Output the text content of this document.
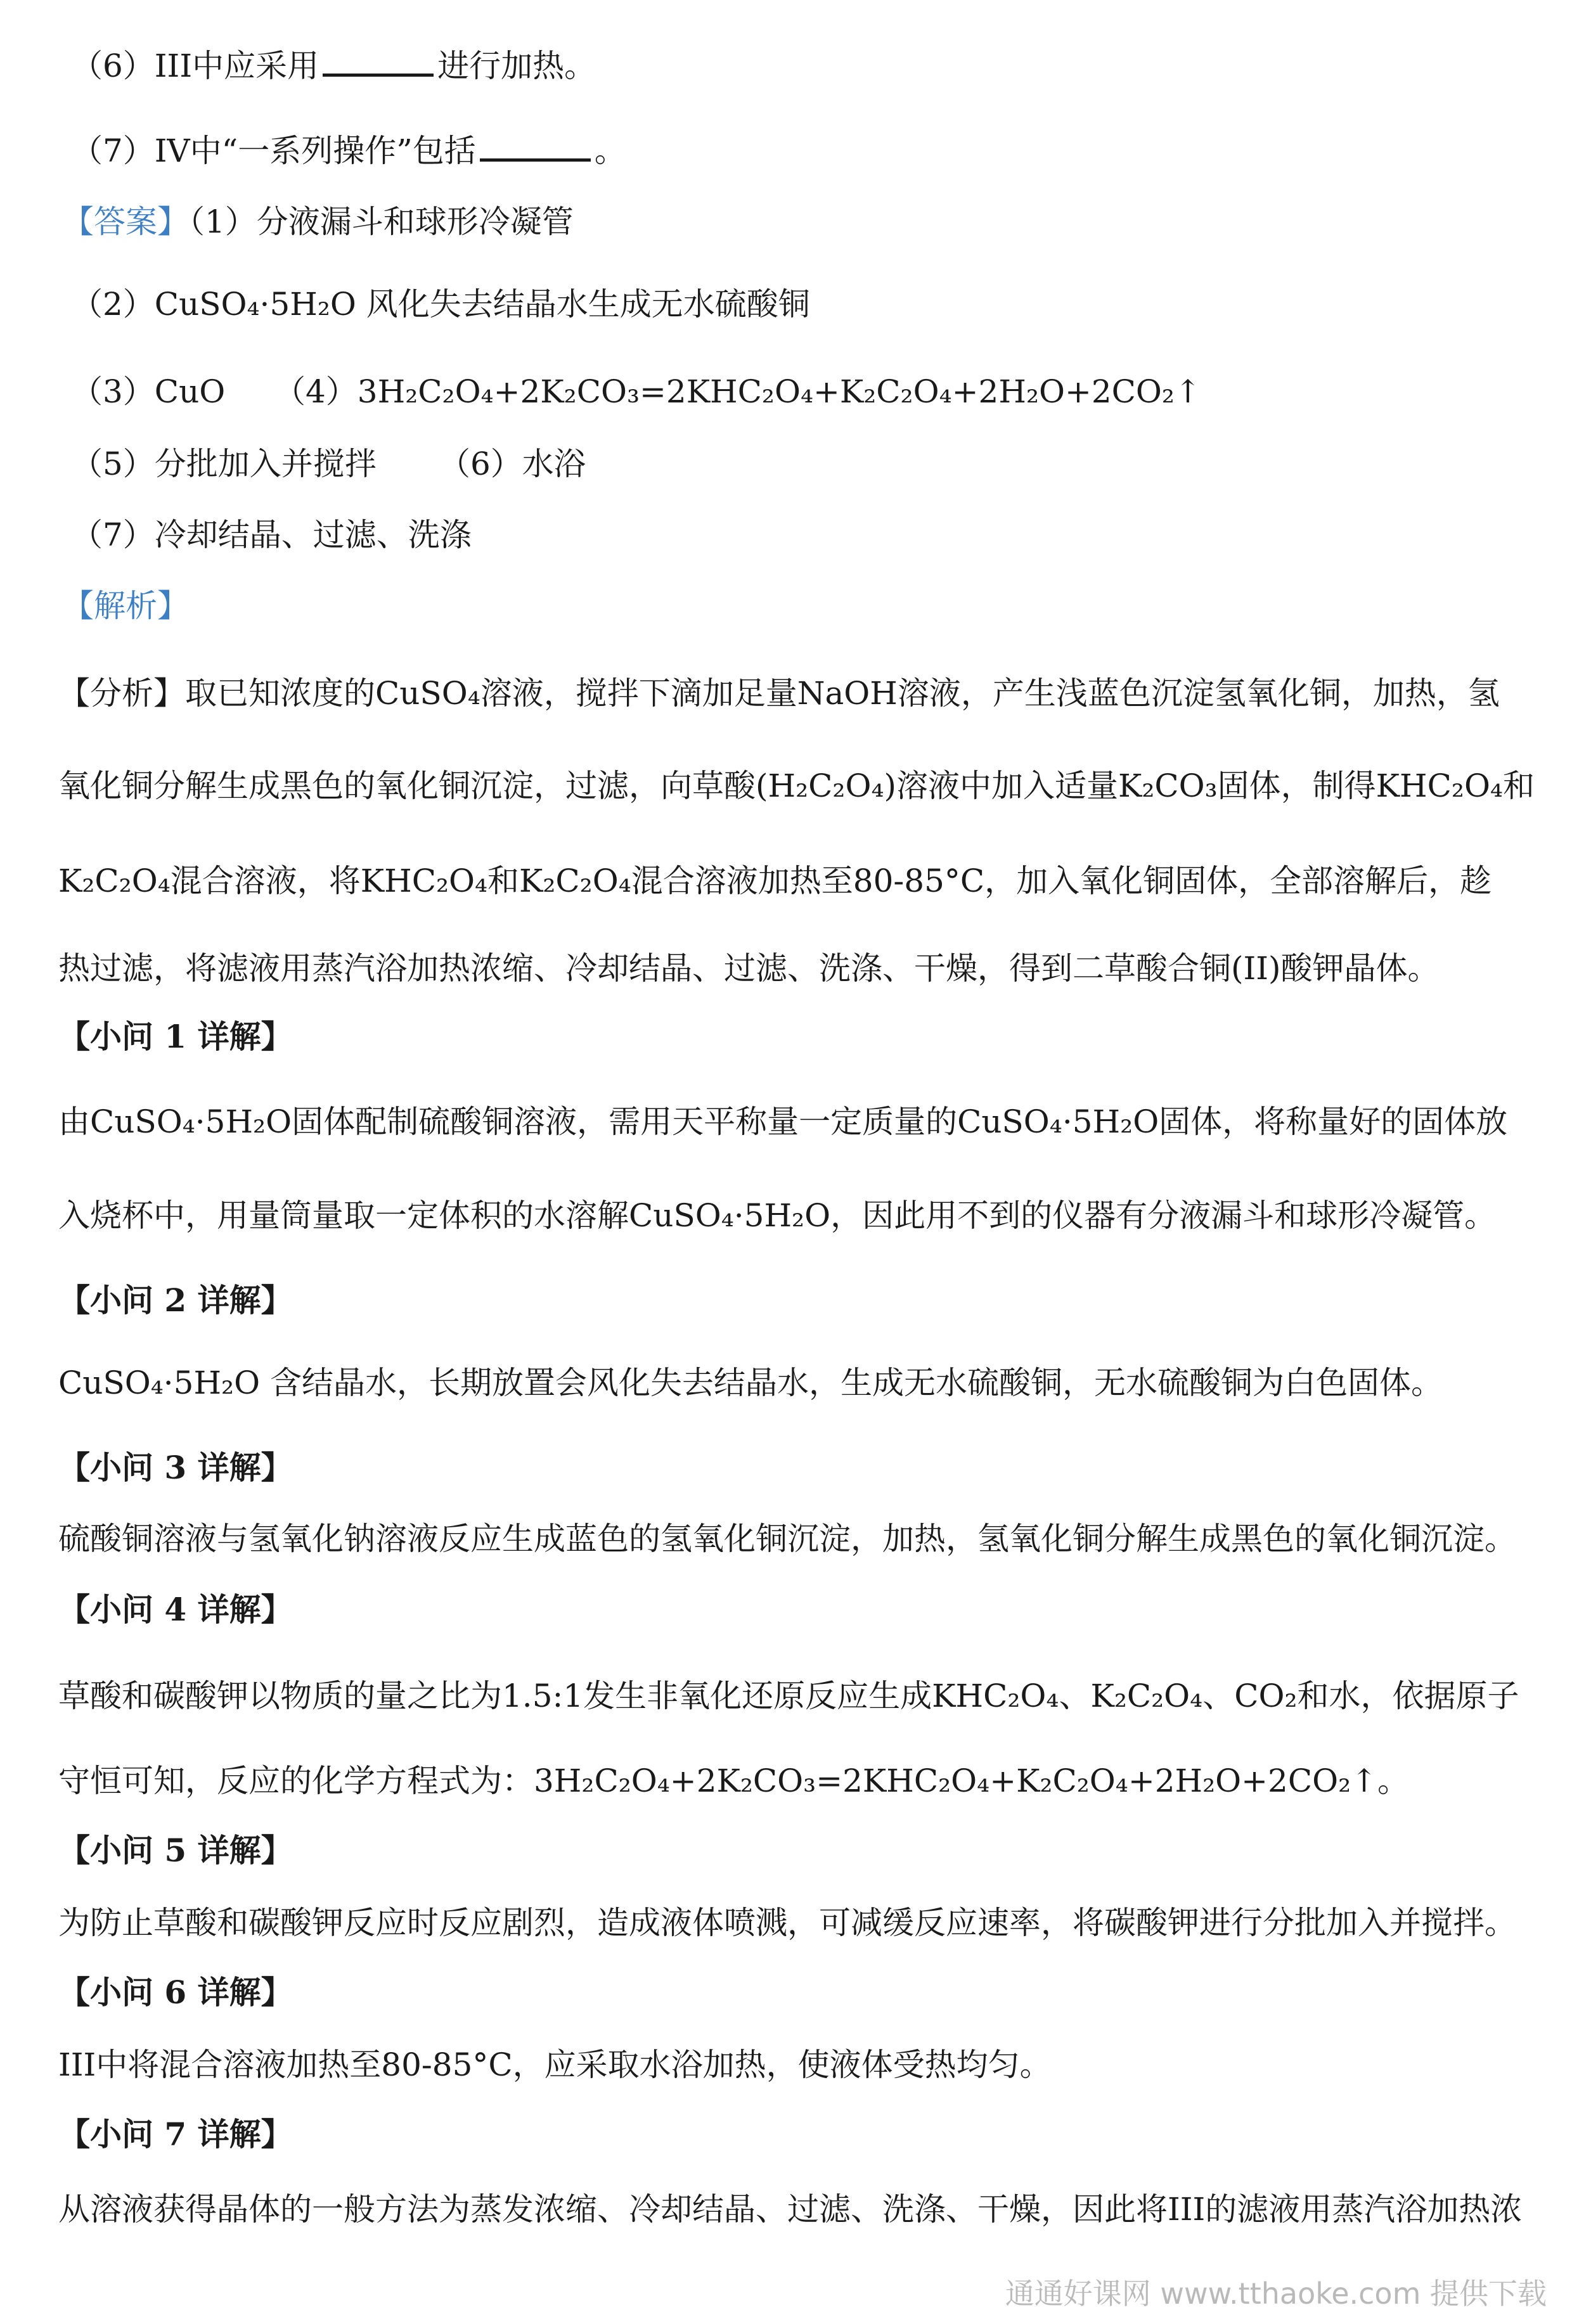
（6）III中应采用	进行加热。
（7）IV中“一系列操作”包括	。
【答案】（1）分液漏斗和球形冷凝管
（2）CuSO₄·5H₂O 风化失去结晶水生成无水硫酸铜
（3）CuO （4）3H₂C₂O₄+2K₂CO₃=2KHC₂O₄+K₂C₂O₄+2H₂O+2CO₂↑
（5）分批加入并搅拌 （6）水浴
（7）冷却结晶、过滤、洗涤
【解析】
【分析】取已知浓度的CuSO₄溶液，搅拌下滴加足量NaOH溶液，产生浅蓝色沉淀氢氧化铜，加热，氢
氧化铜分解生成黑色的氧化铜沉淀，过滤，向草酸(H₂C₂O₄)溶液中加入适量K₂CO₃固体，制得KHC₂O₄和
K₂C₂O₄混合溶液，将KHC₂O₄和K₂C₂O₄混合溶液加热至80-85°C，加入氧化铜固体，全部溶解后，趁
热过滤，将滤液用蒸汽浴加热浓缩、冷却结晶、过滤、洗涤、干燥，得到二草酸合铜(II)酸钾晶体。
【小问 1 详解】
由CuSO₄·5H₂O固体配制硫酸铜溶液，需用天平称量一定质量的CuSO₄·5H₂O固体，将称量好的固体放
入烧杯中，用量筒量取一定体积的水溶解CuSO₄·5H₂O，因此用不到的仪器有分液漏斗和球形冷凝管。
【小问 2 详解】
CuSO₄·5H₂O 含结晶水，长期放置会风化失去结晶水，生成无水硫酸铜，无水硫酸铜为白色固体。
【小问 3 详解】
硫酸铜溶液与氢氧化钠溶液反应生成蓝色的氢氧化铜沉淀，加热，氢氧化铜分解生成黑色的氧化铜沉淀。
【小问 4 详解】
草酸和碳酸钾以物质的量之比为1.5:1发生非氧化还原反应生成KHC₂O₄、K₂C₂O₄、CO₂和水，依据原子
守恒可知，反应的化学方程式为：3H₂C₂O₄+2K₂CO₃=2KHC₂O₄+K₂C₂O₄+2H₂O+2CO₂↑。
【小问 5 详解】
为防止草酸和碳酸钾反应时反应剧烈，造成液体喷溅，可减缓反应速率，将碳酸钾进行分批加入并搅拌。
【小问 6 详解】
III中将混合溶液加热至80-85°C，应采取水浴加热，使液体受热均匀。
【小问 7 详解】
从溶液获得晶体的一般方法为蒸发浓缩、冷却结晶、过滤、洗涤、干燥，因此将III的滤液用蒸汽浴加热浓
通通好课网 www.tthaoke.com 提供下载
